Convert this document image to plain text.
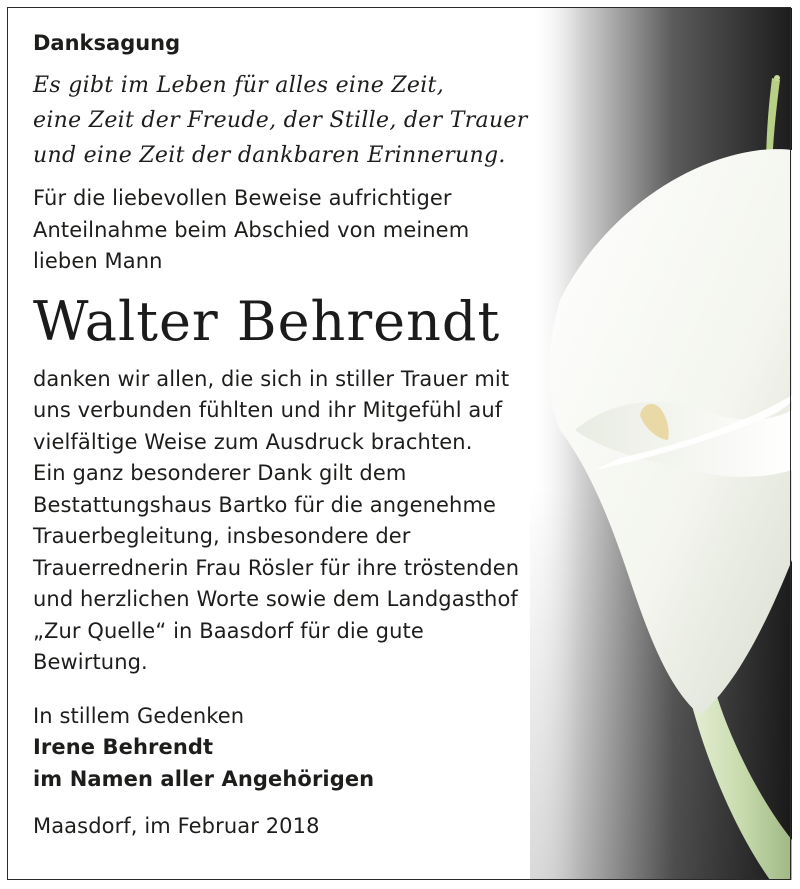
Danksagung
Es gibt im Leben für alles eine Zeit,
eine Zeit der Freude, der Stille, der Trauer
und eine Zeit der dankbaren Erinnerung.
Für die liebevollen Beweise aufrichtiger
Anteilnahme beim Abschied von meinem
lieben Mann
Walter Behrendt
danken wir allen, die sich in stiller Trauer mit
uns verbunden fühlten und ihr Mitgefühl auf
vielfältige Weise zum Ausdruck brachten.
Ein ganz besonderer Dank gilt dem
Bestattungshaus Bartko für die angenehme
Trauerbegleitung, insbesondere der
Trauerrednerin Frau Rösler für ihre tröstenden
und herzlichen Worte sowie dem Landgasthof
„Zur Quelle“ in Baasdorf für die gute
Bewirtung.
In stillem Gedenken
Irene Behrendt
im Namen aller Angehörigen
Maasdorf, im Februar 2018
